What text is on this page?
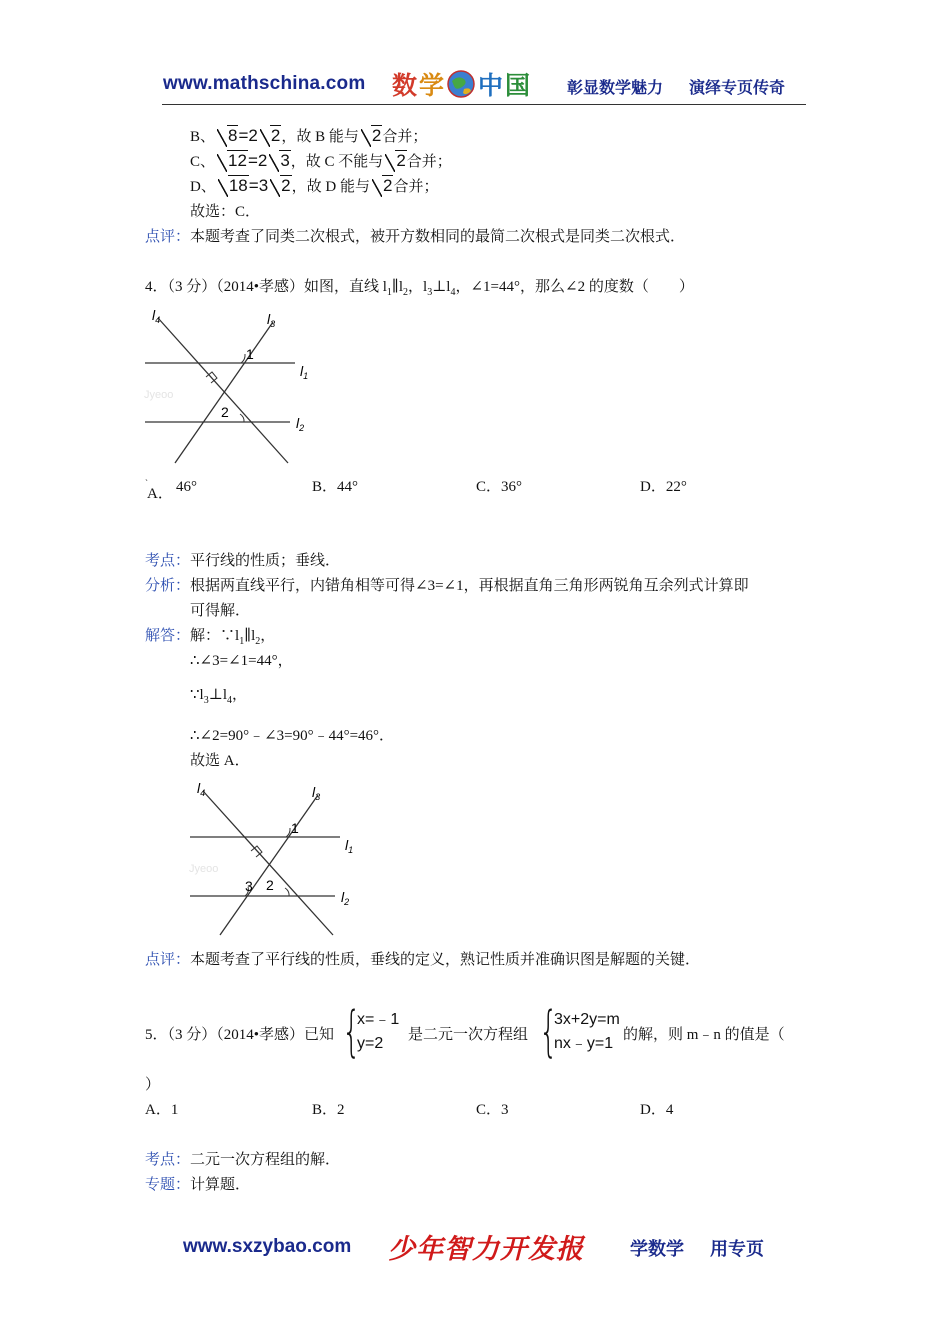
www.mathschina.com 数 学 中 国 彰显数学魅力 演绎专页传奇
B、 8=2 2，故 B 能与 2合并；
C、 12=2 3，故 C 不能与 2合并；
D、 18=3 2，故 D 能与 2合并；
故选：C．
点评：本题考查了同类二次根式，被开方数相同的最简二次根式是同类二次根式．
4．（3 分）（2014•孝感）如图，直线 $l_1\parallel l_2$，$l_3\perp l_4$，∠1=44°，那么∠2 的度数（　　）
$l_4$	$l_3$
$l_1$
$l_2$
1
2
Jyeoo
`
A． 46°	B．44°	C．36°	D．22°
考点：平行线的性质；垂线．
分析：根据两直线平行，内错角相等可得∠3=∠1，再根据直角三角形两锐角互余列式计算即
可得解．
解答：解：$\because l_1\parallel l_2$，
∴∠3=∠1=44°，
$\because l_3\perp l_4$，
∴∠2=90°﹣∠3=90°﹣44°=46°．
故选 A．
$l_4$	$l_3$
$l_1$
$l_2$
1
2
3
Jyeoo
点评：本题考查了平行线的性质，垂线的定义，熟记性质并准确识图是解题的关键．
5．（3 分）（2014•孝感）已知 {
x=﹣1
y=2	是二元一次方程组 {
3x+2y=m
nx﹣y=1 的解，则 m﹣n 的值是（
）
A．1	B．2	C．3	D．4
考点：二元一次方程组的解．
专题：计算题．
www.sxzybao.com 少年智力开发报	学数学 用专页
